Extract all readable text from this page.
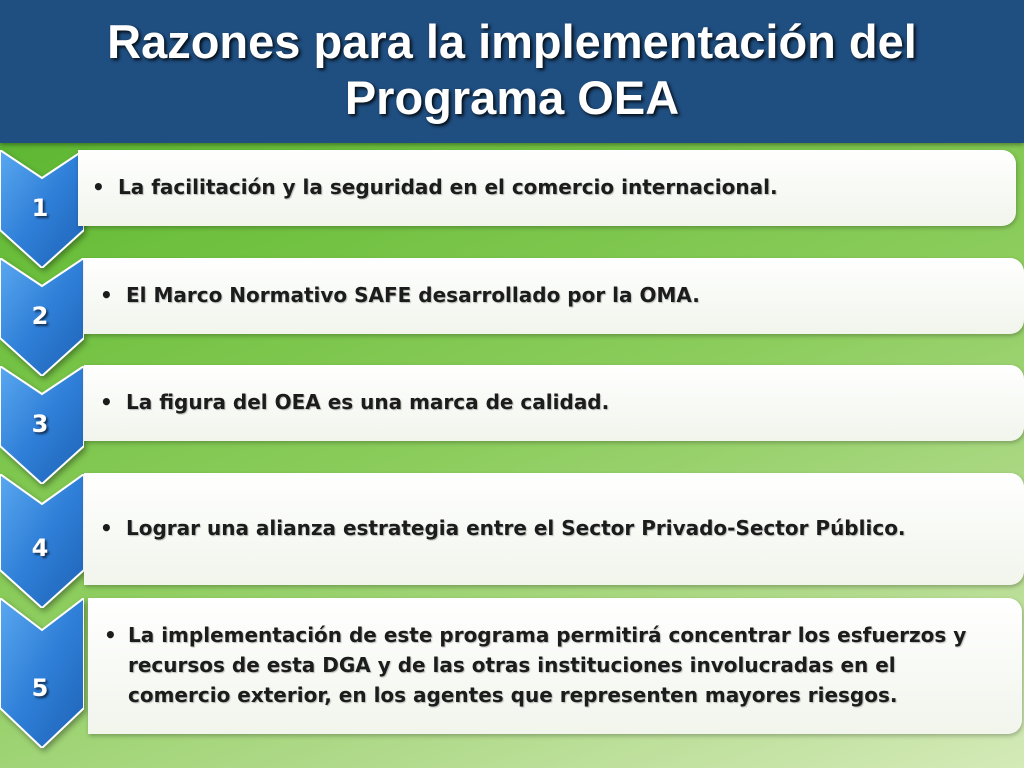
Razones para la implementación del
Programa OEA
1
• La facilitación y la seguridad en el comercio internacional.
2
• El Marco Normativo SAFE desarrollado por la OMA.
3
• La figura del OEA es una marca de calidad.
4
• Lograr una alianza estrategia entre el Sector Privado-Sector Público.
5
• La implementación de este programa permitirá concentrar los esfuerzos y
recursos de esta DGA y de las otras instituciones involucradas en el
comercio exterior, en los agentes que representen mayores riesgos.
